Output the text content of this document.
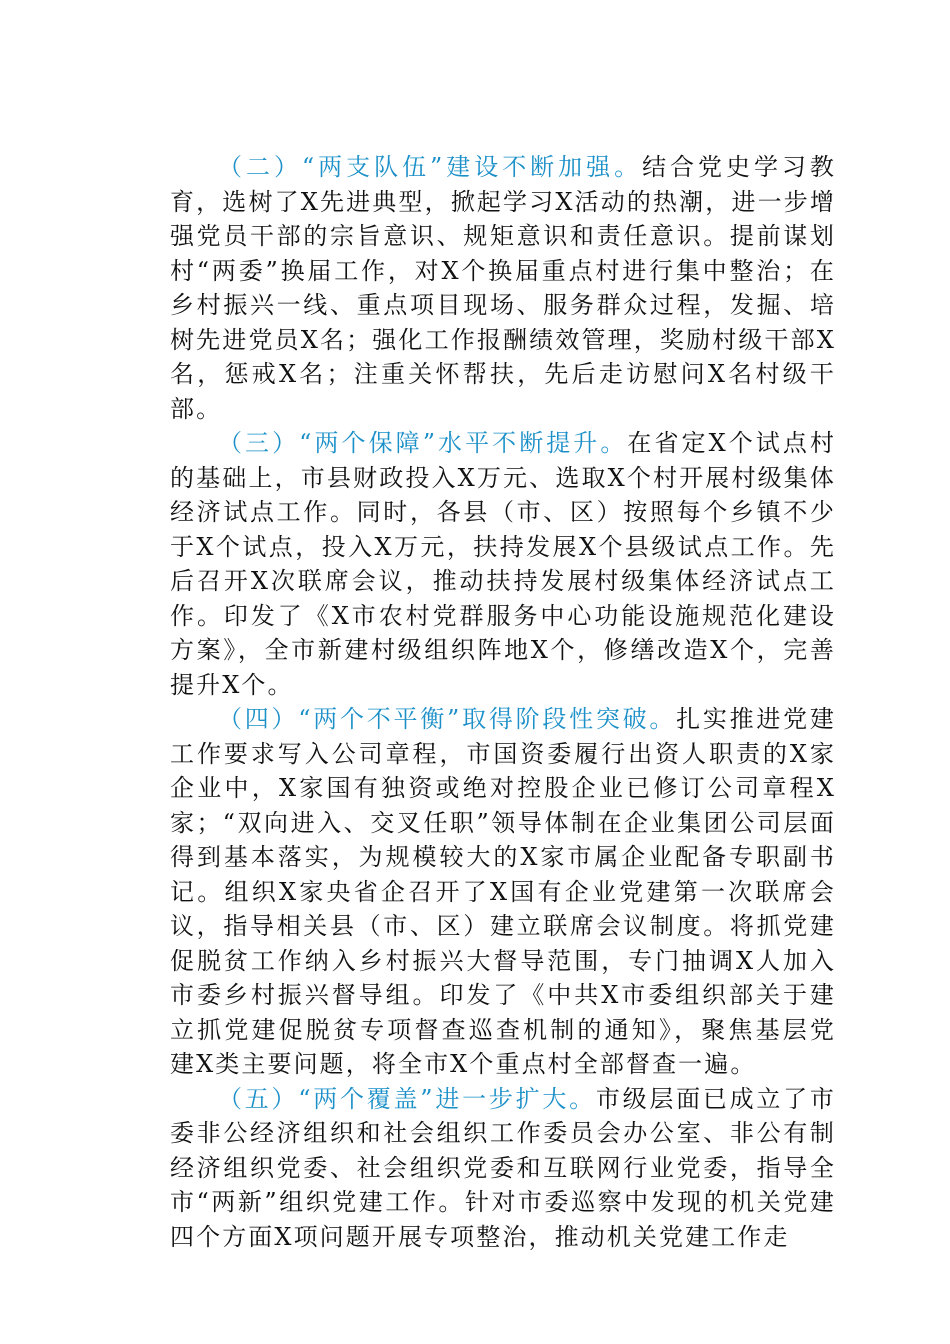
（二）“两支队伍”建设不断加强。结合党史学习教育，选树了X先进典型，掀起学习X活动的热潮，进一步增强党员干部的宗旨意识、规矩意识和责任意识。提前谋划村“两委”换届工作，对X个换届重点村进行集中整治；在乡村振兴一线、重点项目现场、服务群众过程，发掘、培树先进党员X名；强化工作报酬绩效管理，奖励村级干部X名，惩戒X名；注重关怀帮扶，先后走访慰问X名村级干部。

（三）“两个保障”水平不断提升。在省定X个试点村的基础上，市县财政投入X万元、选取X个村开展村级集体经济试点工作。同时，各县（市、区）按照每个乡镇不少于X个试点，投入X万元，扶持发展X个县级试点工作。先后召开X次联席会议，推动扶持发展村级集体经济试点工作。印发了《X市农村党群服务中心功能设施规范化建设方案》，全市新建村级组织阵地X个，修缮改造X个，完善提升X个。

（四）“两个不平衡”取得阶段性突破。扎实推进党建工作要求写入公司章程，市国资委履行出资人职责的X家企业中，X家国有独资或绝对控股企业已修订公司章程X家；“双向进入、交叉任职”领导体制在企业集团公司层面得到基本落实，为规模较大的X家市属企业配备专职副书记。组织X家央省企召开了X国有企业党建第一次联席会议，指导相关县（市、区）建立联席会议制度。将抓党建促脱贫工作纳入乡村振兴大督导范围，专门抽调X人加入市委乡村振兴督导组。印发了《中共X市委组织部关于建立抓党建促脱贫专项督查巡查机制的通知》，聚焦基层党建X类主要问题，将全市X个重点村全部督查一遍。

（五）“两个覆盖”进一步扩大。市级层面已成立了市委非公经济组织和社会组织工作委员会办公室、非公有制经济组织党委、社会组织党委和互联网行业党委，指导全市“两新”组织党建工作。针对市委巡察中发现的机关党建四个方面X项问题开展专项整治，推动机关党建工作走
